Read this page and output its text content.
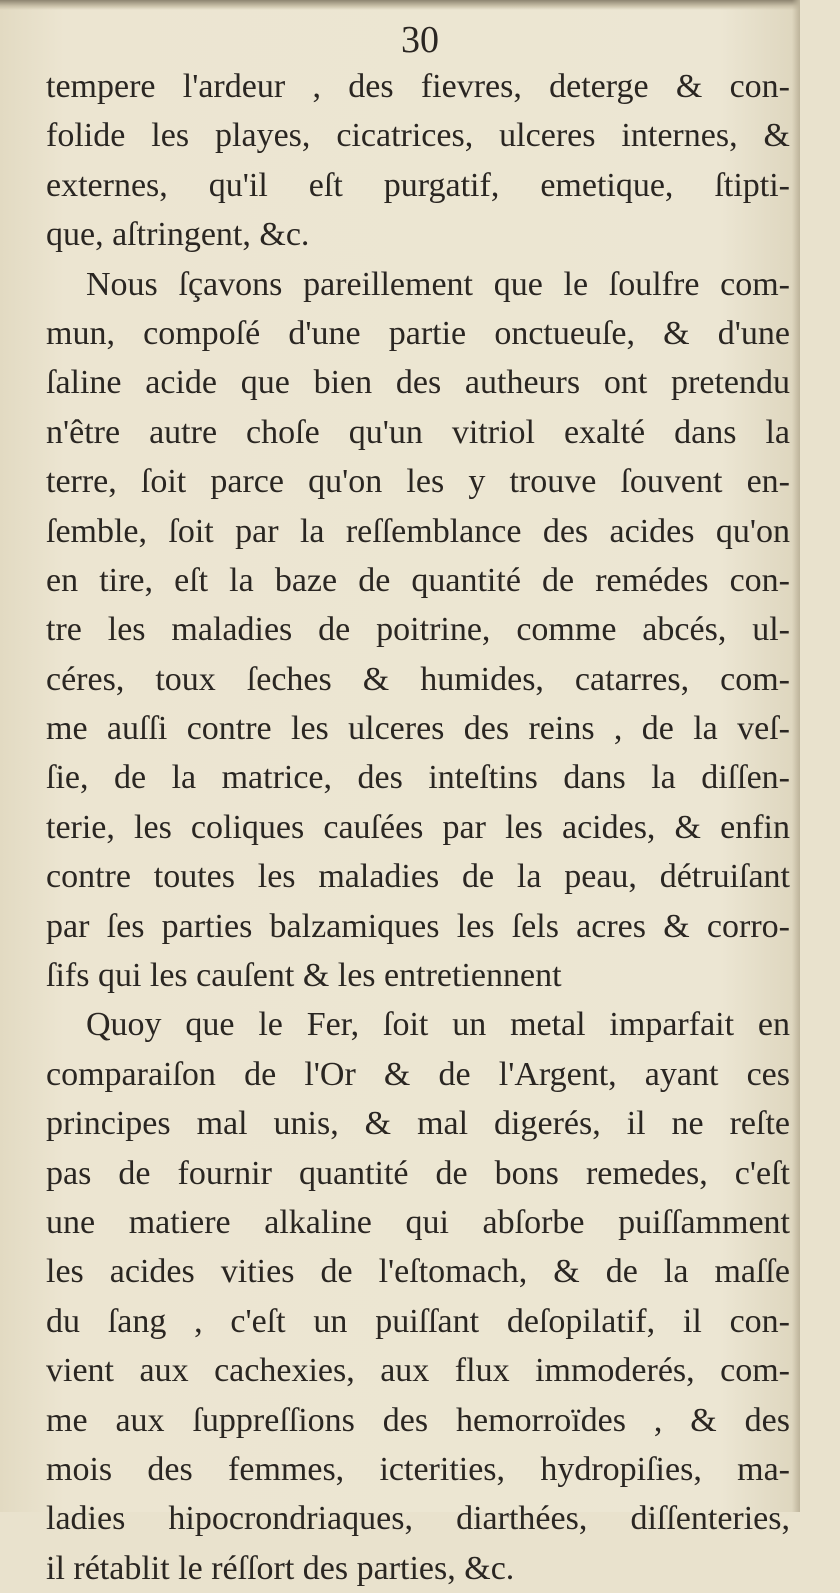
30
tempere l'ardeur , des fievres, deterge & con-
folide les playes, cicatrices, ulceres internes, &
externes, qu'il eſt purgatif, emetique, ſtipti-
que, aſtringent, &c.
Nous ſçavons pareillement que le ſoulfre com-
mun, compoſé d'une partie onctueuſe, & d'une
ſaline acide que bien des autheurs ont pretendu
n'être autre choſe qu'un vitriol exalté dans la
terre, ſoit parce qu'on les y trouve ſouvent en-
ſemble, ſoit par la reſſemblance des acides qu'on
en tire, eſt la baze de quantité de remédes con-
tre les maladies de poitrine, comme abcés, ul-
céres, toux ſeches & humides, catarres, com-
me auſſi contre les ulceres des reins , de la veſ-
ſie, de la matrice, des inteſtins dans la diſſen-
terie, les coliques cauſées par les acides, & enfin
contre toutes les maladies de la peau, détruiſant
par ſes parties balzamiques les ſels acres & corro-
ſifs qui les cauſent & les entretiennent
Quoy que le Fer, ſoit un metal imparfait en
comparaiſon de l'Or & de l'Argent, ayant ces
principes mal unis, & mal digerés, il ne reſte
pas de fournir quantité de bons remedes, c'eſt
une matiere alkaline qui abſorbe puiſſamment
les acides vities de l'eſtomach, & de la maſſe
du ſang , c'eſt un puiſſant deſopilatif, il con-
vient aux cachexies, aux flux immoderés, com-
me aux ſuppreſſions des hemorroïdes , & des
mois des femmes, icterities, hydropiſies, ma-
ladies hipocrondriaques, diarthées, diſſenteries,
il rétablit le réſſort des parties, &c.
